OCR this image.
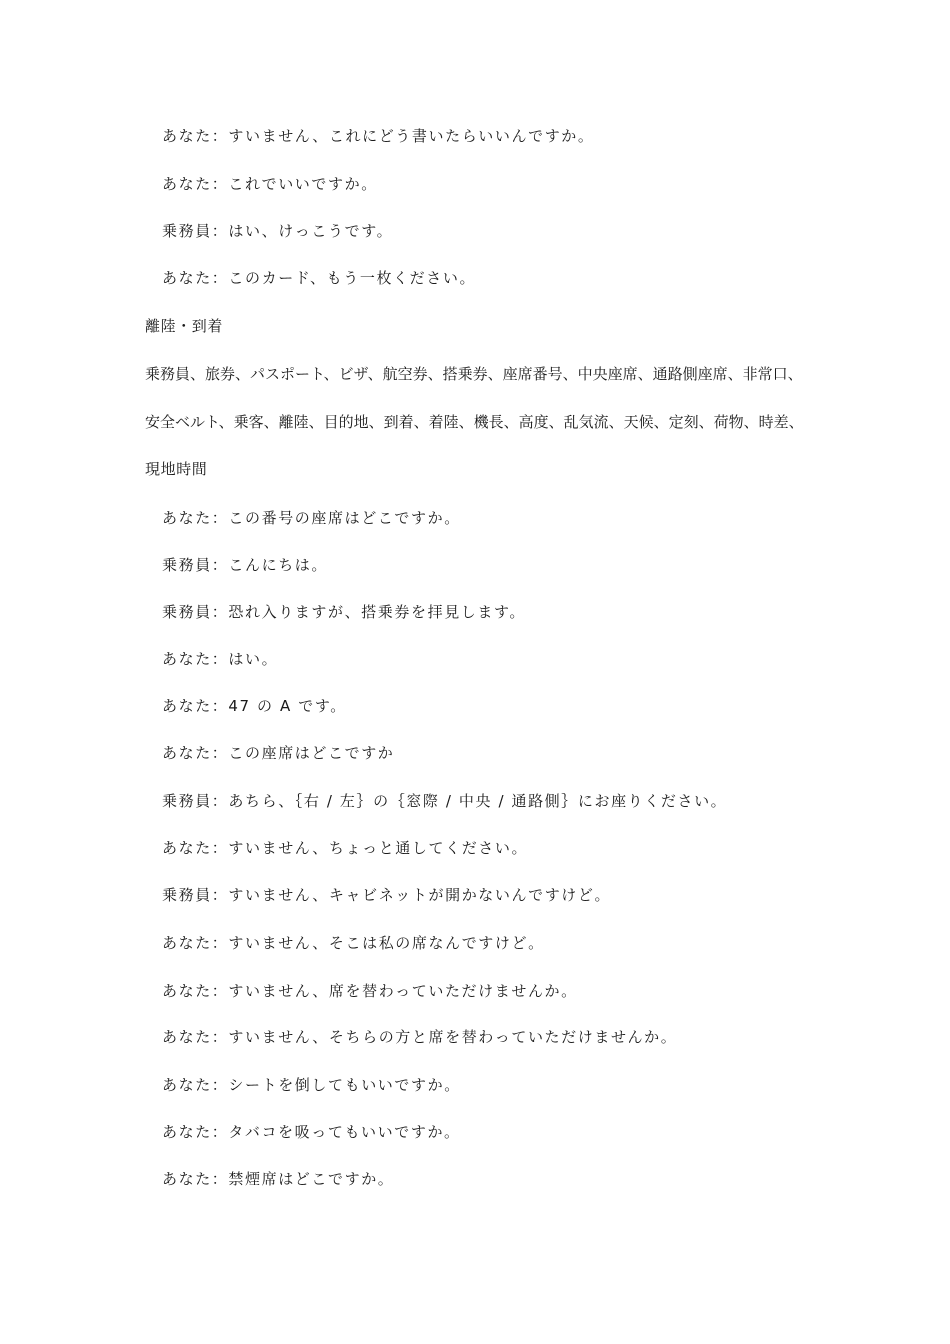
あなた：すいません、これにどう書いたらいいんですか。
あなた：これでいいですか。
乗務員：はい、けっこうです。
あなた：このカード、もう一枚ください。
離陸・到着
乗務員、旅券、パスポート、ビザ、航空券、搭乗券、座席番号、中央座席、通路側座席、非常口、
安全ベルト、乗客、離陸、目的地、到着、着陸、機長、高度、乱気流、天候、定刻、荷物、時差、
現地時間
あなた：この番号の座席はどこですか。
乗務員：こんにちは。
乗務員：恐れ入りますが、搭乗券を拝見します。
あなた：はい。
あなた：47 の A です。
あなた：この座席はどこですか
乗務員：あちら、｛右 / 左｝の｛窓際 / 中央 / 通路側｝にお座りください。
あなた：すいません、ちょっと通してください。
乗務員：すいません、キャビネットが開かないんですけど。
あなた：すいません、そこは私の席なんですけど。
あなた：すいません、席を替わっていただけませんか。
あなた：すいません、そちらの方と席を替わっていただけませんか。
あなた：シートを倒してもいいですか。
あなた：タバコを吸ってもいいですか。
あなた：禁煙席はどこですか。
